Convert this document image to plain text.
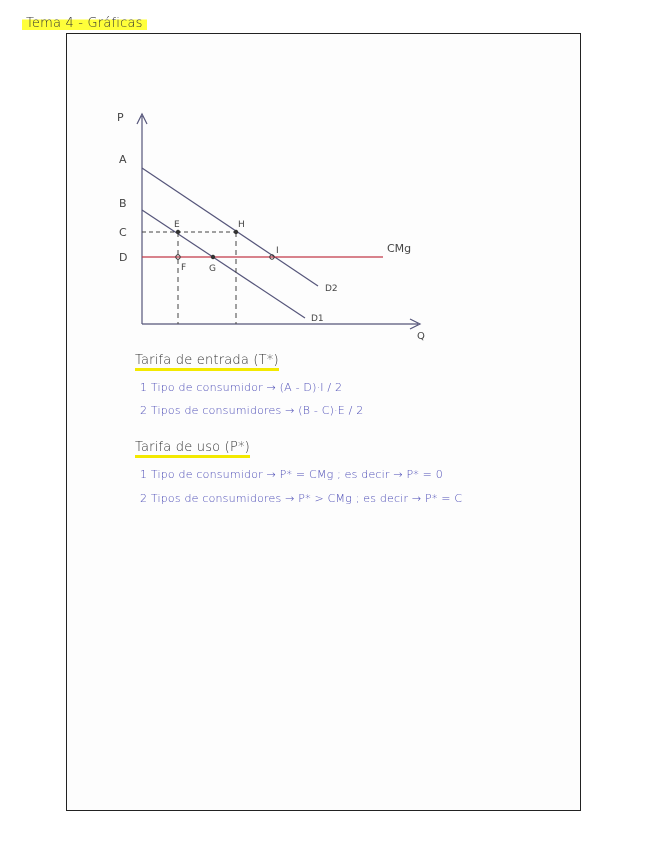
Tema 4 - Gráficas
P
Q
A
B
C
D
CMg
E	H
I
F	G
D2
D1
Tarifa de entrada (T*)
1 Tipo de consumidor → (A - D)·I / 2
2 Tipos de consumidores → (B - C)·E / 2
Tarifa de uso (P*)
1 Tipo de consumidor → P* = CMg ; es decir → P* = 0
2 Tipos de consumidores → P* > CMg ; es decir → P* = C
